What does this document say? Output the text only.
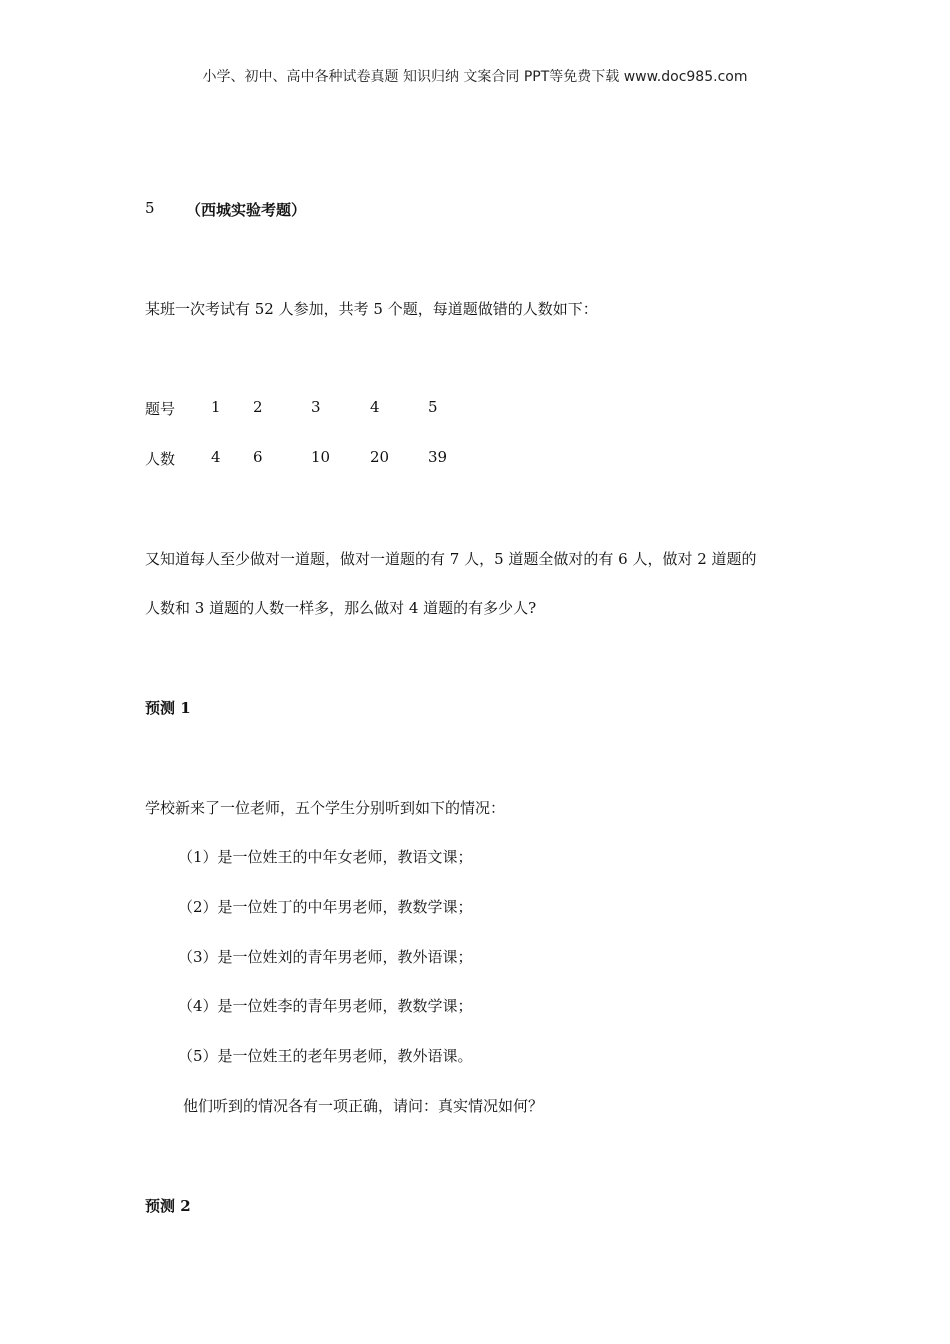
小学、初中、高中各种试卷真题 知识归纳 文案合同 PPT等免费下载 www.doc985.com
5 （西城实验考题）
某班一次考试有 52 人参加，共考 5 个题，每道题做错的人数如下：
题号 1 2	3	4	5
人数 4 6	10	20	39
又知道每人至少做对一道题，做对一道题的有 7 人，5 道题全做对的有 6 人，做对 2 道题的
人数和 3 道题的人数一样多，那么做对 4 道题的有多少人?
预测 1
学校新来了一位老师，五个学生分别听到如下的情况：
（1）是一位姓王的中年女老师，教语文课；
（2）是一位姓丁的中年男老师，教数学课；
（3）是一位姓刘的青年男老师，教外语课；
（4）是一位姓李的青年男老师，教数学课；
（5）是一位姓王的老年男老师，教外语课。
他们听到的情况各有一项正确，请问：真实情况如何？
预测 2
